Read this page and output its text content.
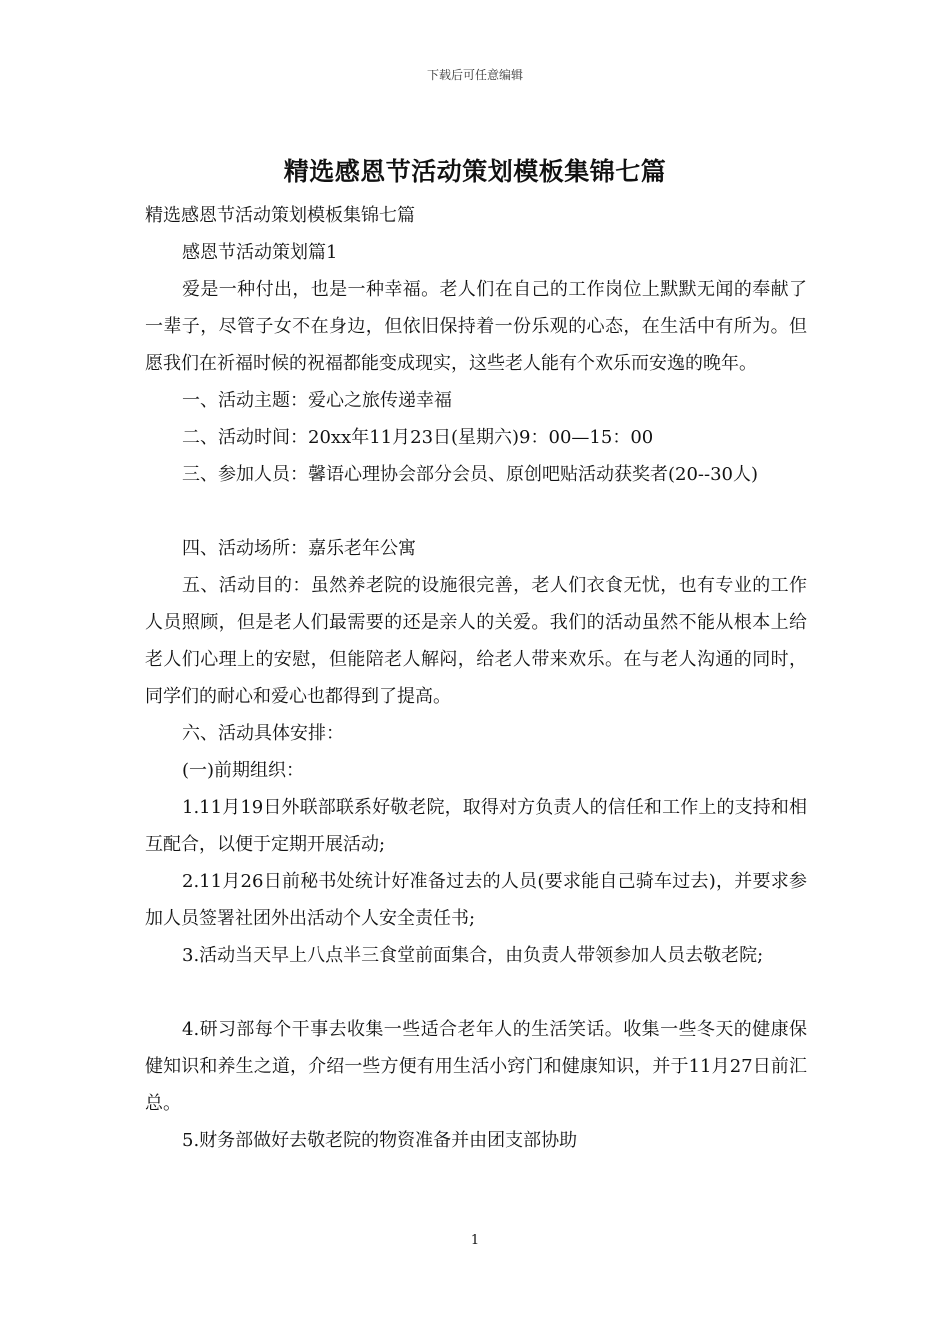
下载后可任意编辑
精选感恩节活动策划模板集锦七篇

精选感恩节活动策划模板集锦七篇

感恩节活动策划篇1

爱是一种付出，也是一种幸福。老人们在自己的工作岗位上默默无闻的奉献了一辈子，尽管子女不在身边，但依旧保持着一份乐观的心态，在生活中有所为。但愿我们在祈福时候的祝福都能变成现实，这些老人能有个欢乐而安逸的晚年。

一、活动主题：爱心之旅传递幸福

二、活动时间：20xx年11月23日(星期六)9：00—15：00

三、参加人员：馨语心理协会部分会员、原创吧贴活动获奖者(20--30人)

四、活动场所：嘉乐老年公寓

五、活动目的：虽然养老院的设施很完善，老人们衣食无忧，也有专业的工作人员照顾，但是老人们最需要的还是亲人的关爱。我们的活动虽然不能从根本上给老人们心理上的安慰，但能陪老人解闷，给老人带来欢乐。在与老人沟通的同时，同学们的耐心和爱心也都得到了提高。

六、活动具体安排：

(一)前期组织：

1.11月19日外联部联系好敬老院，取得对方负责人的信任和工作上的支持和相互配合，以便于定期开展活动;

2.11月26日前秘书处统计好准备过去的人员(要求能自己骑车过去)，并要求参加人员签署社团外出活动个人安全责任书;

3.活动当天早上八点半三食堂前面集合，由负责人带领参加人员去敬老院;

4.研习部每个干事去收集一些适合老年人的生活笑话。收集一些冬天的健康保健知识和养生之道，介绍一些方便有用生活小窍门和健康知识，并于11月27日前汇总。

5.财务部做好去敬老院的物资准备并由团支部协助

1
